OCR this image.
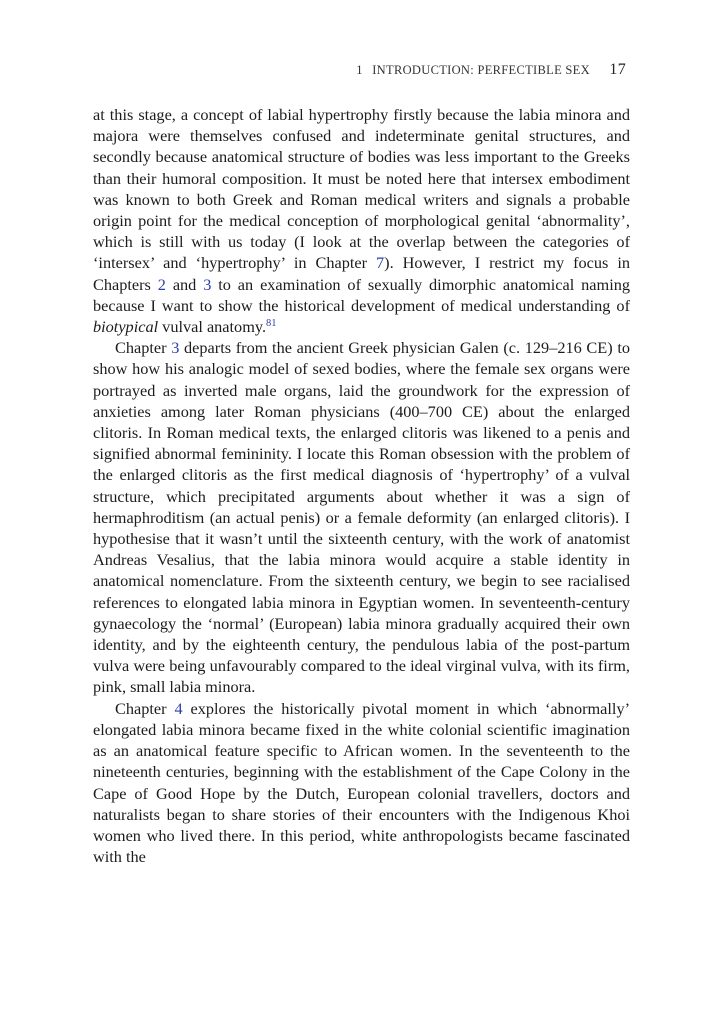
1 INTRODUCTION: PERFECTIBLE SEX 17

at this stage, a concept of labial hypertrophy firstly because the labia minora and majora were themselves confused and indeterminate genital structures, and secondly because anatomical structure of bodies was less important to the Greeks than their humoral composition. It must be noted here that intersex embodiment was known to both Greek and Roman medical writers and signals a probable origin point for the medical conception of morphological genital ‘abnormality’, which is still with us today (I look at the overlap between the categories of ‘intersex’ and ‘hypertrophy’ in Chapter 7). However, I restrict my focus in Chapters 2 and 3 to an examination of sexually dimorphic anatomical naming because I want to show the historical development of medical understanding of biotypical vulval anatomy.$^{81}$

Chapter 3 departs from the ancient Greek physician Galen (c. 129–216 CE) to show how his analogic model of sexed bodies, where the female sex organs were portrayed as inverted male organs, laid the groundwork for the expression of anxieties among later Roman physicians (400–700 CE) about the enlarged clitoris. In Roman medical texts, the enlarged clitoris was likened to a penis and signified abnormal femininity. I locate this Roman obsession with the problem of the enlarged clitoris as the first medical diagnosis of ‘hypertrophy’ of a vulval structure, which precipitated arguments about whether it was a sign of hermaphroditism (an actual penis) or a female deformity (an enlarged clitoris). I hypothesise that it wasn’t until the sixteenth century, with the work of anatomist Andreas Vesalius, that the labia minora would acquire a stable identity in anatomical nomenclature. From the sixteenth century, we begin to see racialised references to elongated labia minora in Egyptian women. In seventeenth-century gynaecology the ‘normal’ (European) labia minora gradually acquired their own identity, and by the eighteenth century, the pendulous labia of the post-partum vulva were being unfavourably compared to the ideal virginal vulva, with its firm, pink, small labia minora.

Chapter 4 explores the historically pivotal moment in which ‘abnormally’ elongated labia minora became fixed in the white colonial scientific imagination as an anatomical feature specific to African women. In the seventeenth to the nineteenth centuries, beginning with the establishment of the Cape Colony in the Cape of Good Hope by the Dutch, European colonial travellers, doctors and naturalists began to share stories of their encounters with the Indigenous Khoi women who lived there. In this period, white anthropologists became fascinated with the
